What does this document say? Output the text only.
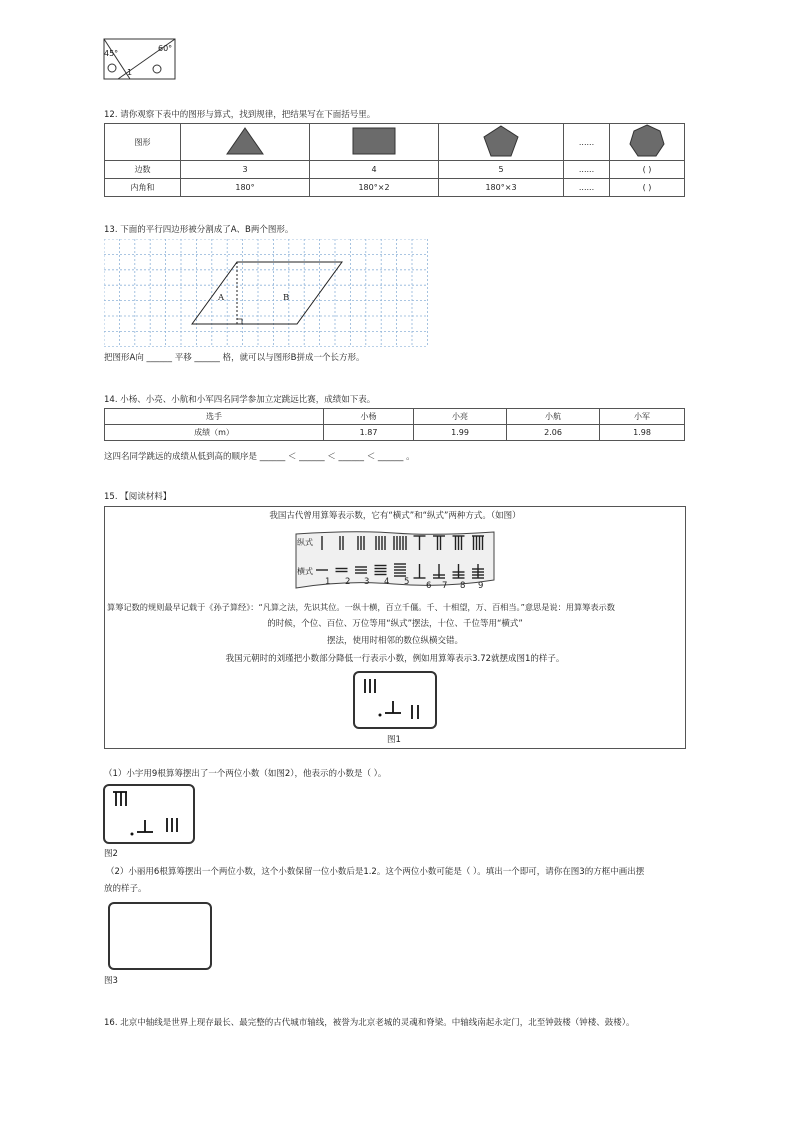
45°
60°
1
12. 请你观察下表中的图形与算式，找到规律，把结果写在下面括号里。
图形				......	
边数	3	4	5	......	( )
内角和	180°	180°×2	180°×3	......	( )
13. 下面的平行四边形被分割成了A、B两个图形。
A	B
把图形A向 ______ 平移 ______ 格，就可以与图形B拼成一个长方形。
14. 小杨、小亮、小航和小军四名同学参加立定跳远比赛，成绩如下表。
选手	小杨	小亮	小航	小军
成绩（m）	1.87	1.99	2.06	1.98
这四名同学跳远的成绩从低到高的顺序是 ______ ＜ ______ ＜ ______ ＜ ______ 。
15. 【阅读材料】
我国古代曾用算筹表示数，它有“横式”和“纵式”两种方式。（如图）
纵式
横式
1 2 3 4 5 6 7 8 9
算筹记数的规则最早记载于《孙子算经》：“凡算之法，先识其位。一纵十横，百立千僵。千、十相望，万、百相当。”意思是说：用算筹表示数
的时候，个位、百位、万位等用“纵式”摆法，十位、千位等用“横式”
摆法，使用时相邻的数位纵横交错。
我国元朝时的刘瑾把小数部分降低一行表示小数，例如用算筹表示3.72就摆成图1的样子。
图1
（1）小宇用9根算筹摆出了一个两位小数（如图2），他表示的小数是（ ）。
图2
（2）小丽用6根算筹摆出一个两位小数，这个小数保留一位小数后是1.2。这个两位小数可能是（ ）。填出一个即可，请你在图3的方框中画出摆
放的样子。
图3
16. 北京中轴线是世界上现存最长、最完整的古代城市轴线，被誉为北京老城的灵魂和脊梁。中轴线南起永定门，北至钟鼓楼（钟楼、鼓楼）。
